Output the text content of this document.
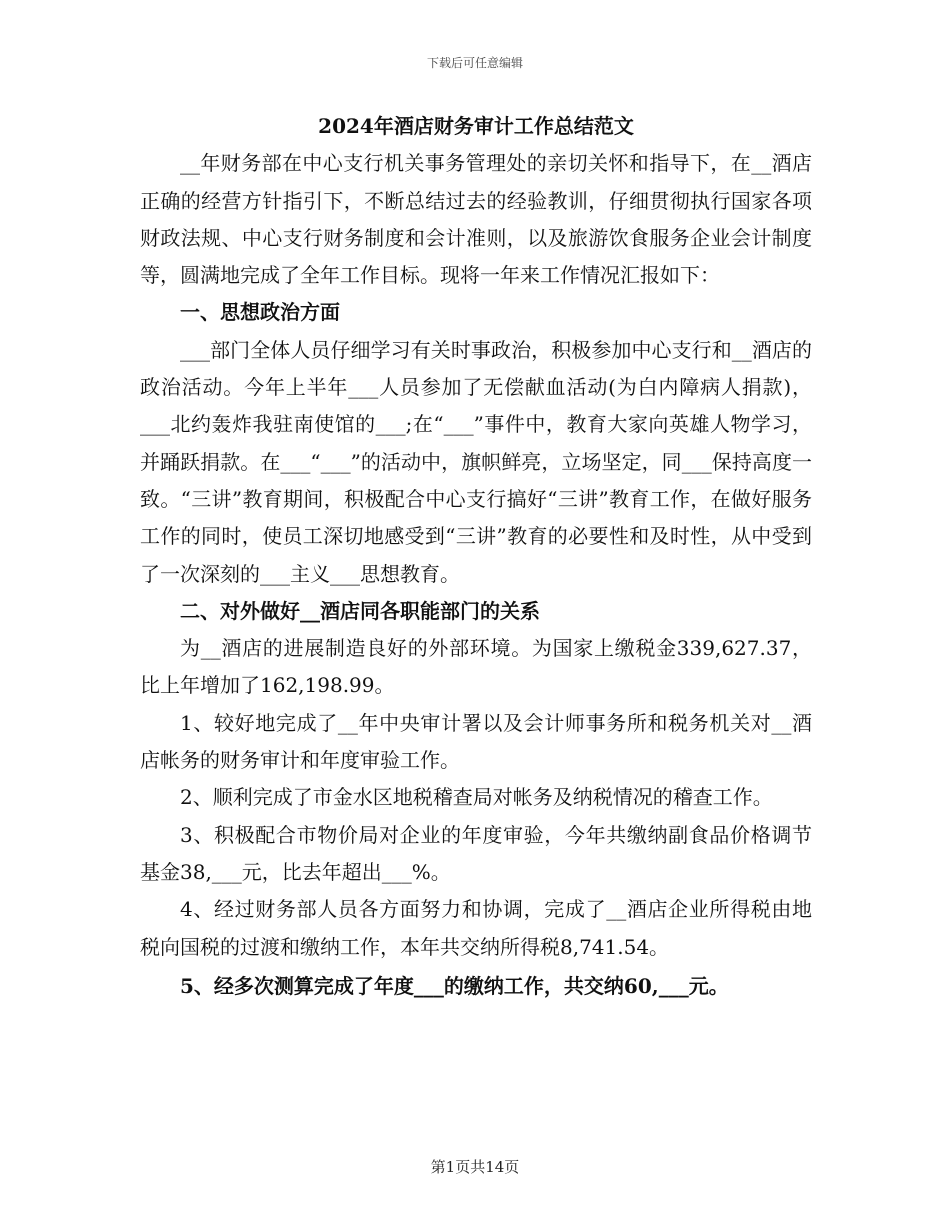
下载后可任意编辑
2024年酒店财务审计工作总结范文

__年财务部在中心支行机关事务管理处的亲切关怀和指导下，在__酒店正确的经营方针指引下，不断总结过去的经验教训，仔细贯彻执行国家各项财政法规、中心支行财务制度和会计准则，以及旅游饮食服务企业会计制度等，圆满地完成了全年工作目标。现将一年来工作情况汇报如下：

一、思想政治方面

___部门全体人员仔细学习有关时事政治，积极参加中心支行和__酒店的政治活动。今年上半年___人员参加了无偿献血活动(为白内障病人捐款)，___北约轰炸我驻南使馆的___;在“___”事件中，教育大家向英雄人物学习，并踊跃捐款。在___“___”的活动中，旗帜鲜亮，立场坚定，同___保持高度一致。“三讲”教育期间，积极配合中心支行搞好“三讲”教育工作，在做好服务工作的同时，使员工深切地感受到“三讲”教育的必要性和及时性，从中受到了一次深刻的___主义___思想教育。

二、对外做好__酒店同各职能部门的关系

为__酒店的进展制造良好的外部环境。为国家上缴税金339,627.37，比上年增加了162,198.99。

1、较好地完成了__年中央审计署以及会计师事务所和税务机关对__酒店帐务的财务审计和年度审验工作。

2、顺利完成了市金水区地税稽查局对帐务及纳税情况的稽查工作。

3、积极配合市物价局对企业的年度审验，今年共缴纳副食品价格调节基金38,___元，比去年超出___%。

4、经过财务部人员各方面努力和协调，完成了__酒店企业所得税由地税向国税的过渡和缴纳工作，本年共交纳所得税8,741.54。

5、经多次测算完成了年度___的缴纳工作，共交纳60,___元。

第1页共14页
